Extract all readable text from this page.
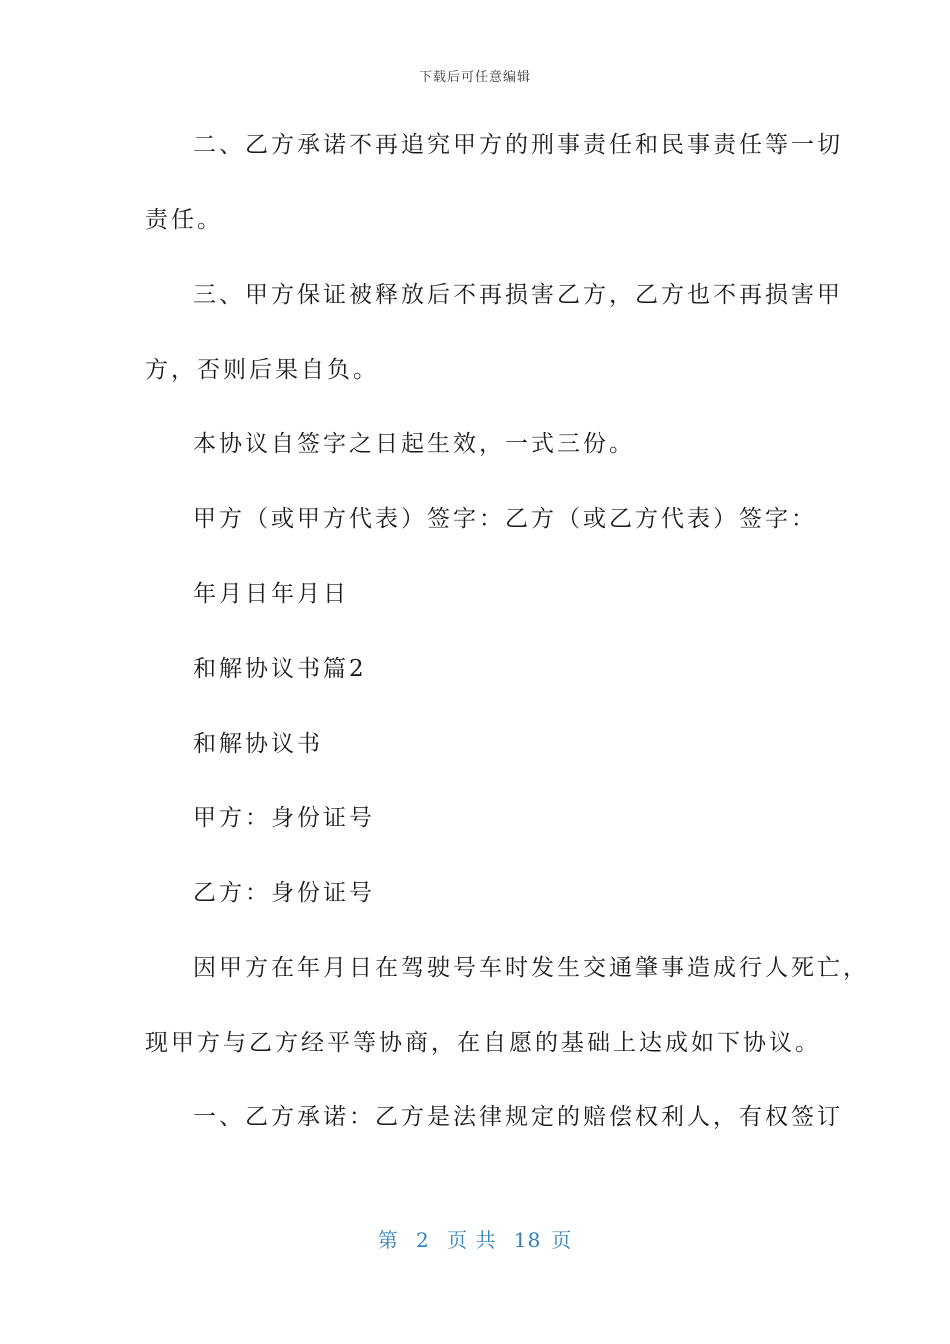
下载后可任意编辑
二、乙方承诺不再追究甲方的刑事责任和民事责任等一切
责任。
三、甲方保证被释放后不再损害乙方，乙方也不再损害甲
方，否则后果自负。
本协议自签字之日起生效，一式三份。
甲方（或甲方代表）签字：乙方（或乙方代表）签字：
年月日年月日
和解协议书篇2
和解协议书
甲方：身份证号
乙方：身份证号
因甲方在年月日在驾驶号车时发生交通肇事造成行人死亡，
现甲方与乙方经平等协商，在自愿的基础上达成如下协议。
一、乙方承诺：乙方是法律规定的赔偿权利人，有权签订
第 2 页 共 18 页
